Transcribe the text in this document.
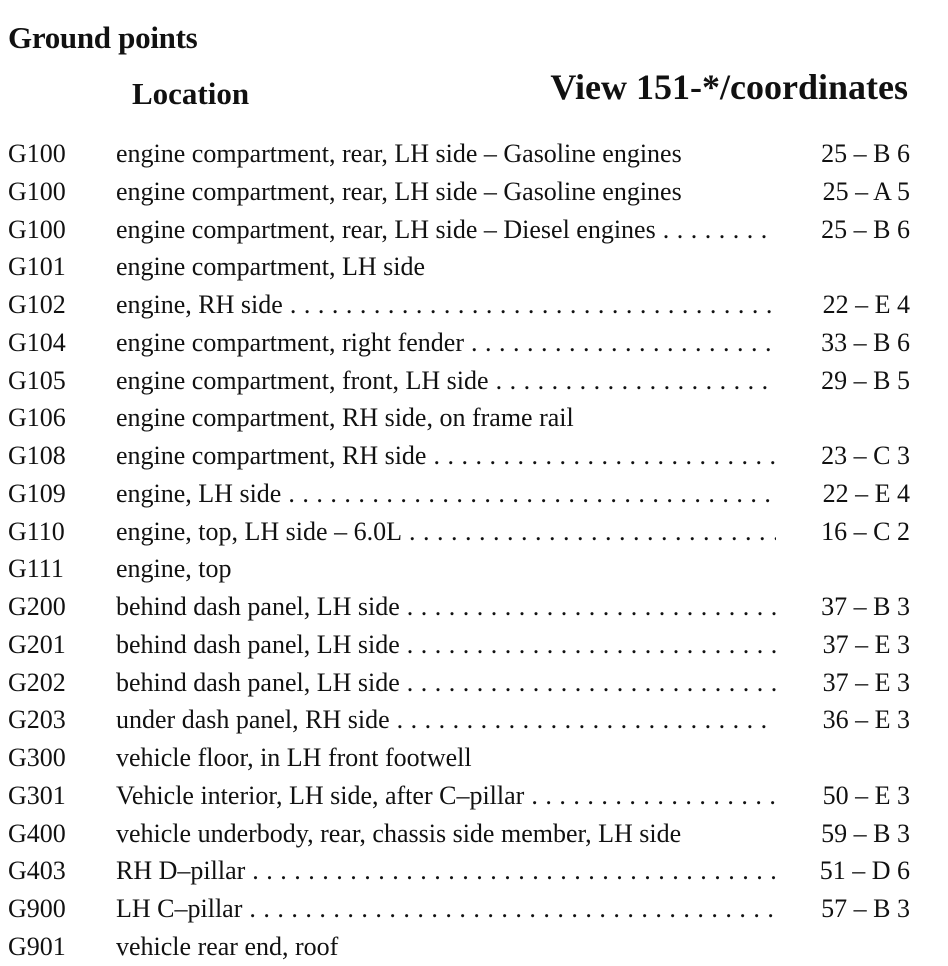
Ground points
Location	View 151-*/coordinates
G100 engine compartment, rear, LH side – Gasoline engines	25 – B 6
G100 engine compartment, rear, LH side – Gasoline engines	25 – A 5
G100 engine compartment, rear, LH side – Diesel engines . . .	25 – B 6
G101 engine compartment, LH side
G102 engine, RH side . . .	22 – E 4
G104 engine compartment, right fender . . .	33 – B 6
G105 engine compartment, front, LH side . . .	29 – B 5
G106 engine compartment, RH side, on frame rail
G108 engine compartment, RH side . . .	23 – C 3
G109 engine, LH side . . .	22 – E 4
G110 engine, top, LH side – 6.0L . . .	16 – C 2
G111 engine, top
G200 behind dash panel, LH side . . .	37 – B 3
G201 behind dash panel, LH side . . .	37 – E 3
G202 behind dash panel, LH side . . .	37 – E 3
G203 under dash panel, RH side . . .	36 – E 3
G300 vehicle floor, in LH front footwell
G301 Vehicle interior, LH side, after C–pillar . . .	50 – E 3
G400 vehicle underbody, rear, chassis side member, LH side	59 – B 3
G403 RH D–pillar . . .	51 – D 6
G900 LH C–pillar . . .	57 – B 3
G901 vehicle rear end, roof
